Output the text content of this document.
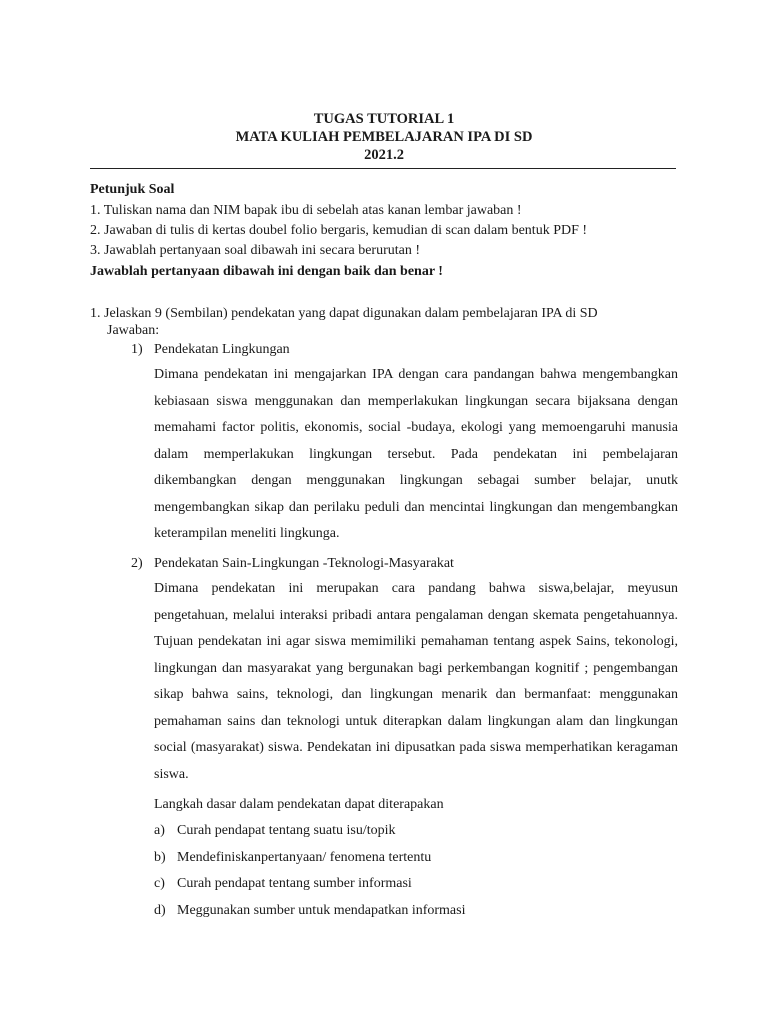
TUGAS TUTORIAL 1
MATA KULIAH PEMBELAJARAN IPA DI SD
2021.2
Petunjuk Soal
1. Tuliskan nama dan NIM bapak ibu di sebelah atas kanan lembar jawaban !
2. Jawaban di tulis di kertas doubel folio bergaris, kemudian di scan dalam bentuk PDF !
3. Jawablah pertanyaan soal dibawah ini secara berurutan !
Jawablah pertanyaan dibawah ini dengan baik dan benar !
1. Jelaskan 9 (Sembilan) pendekatan yang dapat digunakan dalam pembelajaran IPA di SD
Jawaban:
1) Pendekatan Lingkungan
Dimana pendekatan ini mengajarkan IPA dengan cara pandangan bahwa mengembangkan kebiasaan siswa menggunakan dan memperlakukan lingkungan secara bijaksana dengan memahami factor politis, ekonomis, social -budaya, ekologi yang memoengaruhi manusia dalam memperlakukan lingkungan tersebut. Pada pendekatan ini pembelajaran dikembangkan dengan menggunakan lingkungan sebagai sumber belajar, unutk mengembangkan sikap dan perilaku peduli dan mencintai lingkungan dan mengembangkan keterampilan meneliti lingkunga.
2) Pendekatan Sain-Lingkungan -Teknologi-Masyarakat
Dimana pendekatan ini merupakan cara pandang bahwa siswa,belajar, meyusun pengetahuan, melalui interaksi pribadi antara pengalaman dengan skemata pengetahuannya. Tujuan pendekatan ini agar siswa memimiliki pemahaman tentang aspek Sains, tekonologi, lingkungan dan masyarakat yang bergunakan bagi perkembangan kognitif ; pengembangan sikap bahwa sains, teknologi, dan lingkungan menarik dan bermanfaat: menggunakan pemahaman sains dan teknologi untuk diterapkan dalam lingkungan alam dan lingkungan social (masyarakat) siswa. Pendekatan ini dipusatkan pada siswa memperhatikan keragaman siswa.
Langkah dasar dalam pendekatan dapat diterapakan
a) Curah pendapat tentang suatu isu/topik
b) Mendefiniskanpertanyaan/ fenomena tertentu
c) Curah pendapat tentang sumber informasi
d) Meggunakan sumber untuk mendapatkan informasi
